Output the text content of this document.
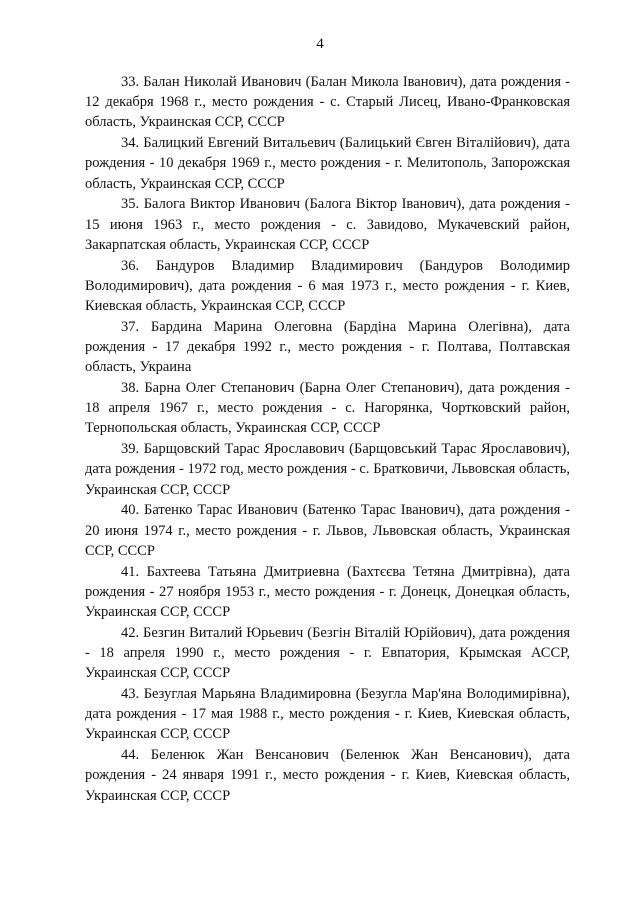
4

33. Балан Николай Иванович (Балан Микола Іванович), дата рождения - 12 декабря 1968 г., место рождения - с. Старый Лисец, Ивано-Франковская область, Украинская ССР, СССР

34. Балицкий Евгений Витальевич (Балицький Євген Віталійович), дата рождения - 10 декабря 1969 г., место рождения - г. Мелитополь, Запорожская область, Украинская ССР, СССР

35. Балога Виктор Иванович (Балога Віктор Іванович), дата рождения - 15 июня 1963 г., место рождения - с. Завидово, Мукачевский район, Закарпатская область, Украинская ССР, СССР

36. Бандуров Владимир Владимирович (Бандуров Володимир Володимирович), дата рождения - 6 мая 1973 г., место рождения - г. Киев, Киевская область, Украинская ССР, СССР

37. Бардина Марина Олеговна (Бардіна Марина Олегівна), дата рождения - 17 декабря 1992 г., место рождения - г. Полтава, Полтавская область, Украина

38. Барна Олег Степанович (Барна Олег Степанович), дата рождения - 18 апреля 1967 г., место рождения - с. Нагорянка, Чортковский район, Тернопольская область, Украинская ССР, СССР

39. Барщовский Тарас Ярославович (Барщовський Тарас Ярославович), дата рождения - 1972 год, место рождения - с. Братковичи, Львовская область, Украинская ССР, СССР

40. Батенко Тарас Иванович (Батенко Тарас Іванович), дата рождения - 20 июня 1974 г., место рождения - г. Львов, Львовская область, Украинская ССР, СССР

41. Бахтеева Татьяна Дмитриевна (Бахтєєва Тетяна Дмитрівна), дата рождения - 27 ноября 1953 г., место рождения - г. Донецк, Донецкая область, Украинская ССР, СССР

42. Безгин Виталий Юрьевич (Безгін Віталій Юрійович), дата рождения - 18 апреля 1990 г., место рождения - г. Евпатория, Крымская АССР, Украинская ССР, СССР

43. Безуглая Марьяна Владимировна (Безугла Мар'яна Володимирівна), дата рождения - 17 мая 1988 г., место рождения - г. Киев, Киевская область, Украинская ССР, СССР

44. Беленюк Жан Венсанович (Беленюк Жан Венсанович), дата рождения - 24 января 1991 г., место рождения - г. Киев, Киевская область, Украинская ССР, СССР
